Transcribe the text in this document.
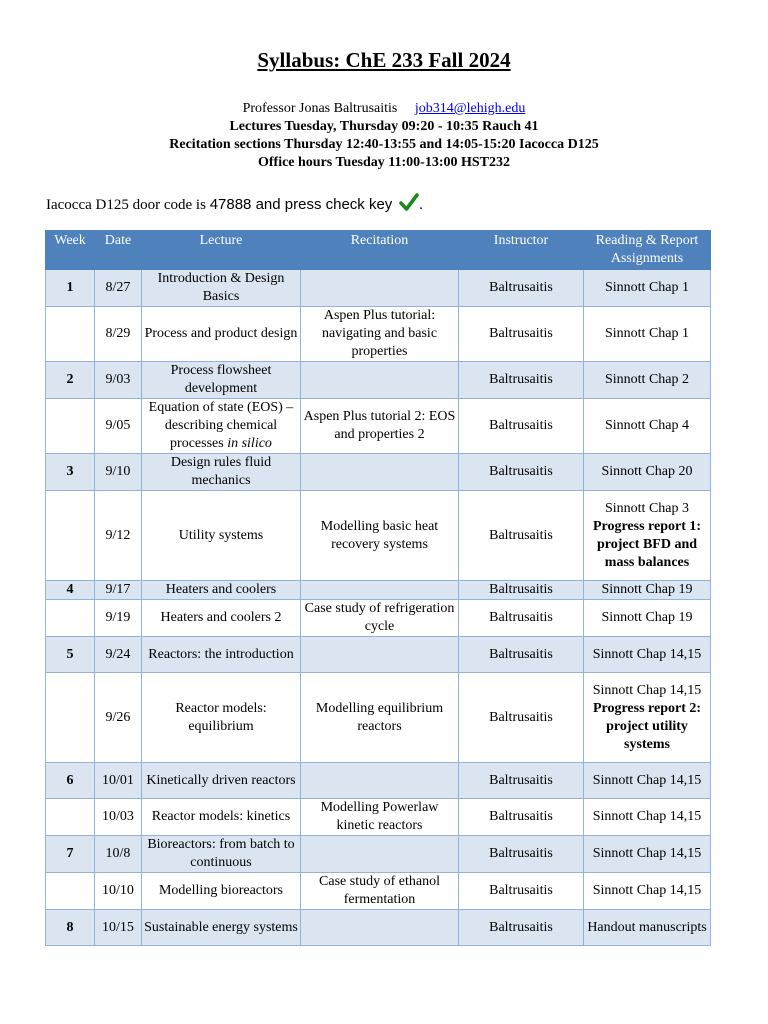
Syllabus: ChE 233 Fall 2024
Professor Jonas Baltrusaitis job314@lehigh.edu
Lectures Tuesday, Thursday 09:20 - 10:35 Rauch 41
Recitation sections Thursday 12:40-13:55 and 14:05-15:20 Iacocca D125
Office hours Tuesday 11:00-13:00 HST232
Iacocca D125 door code is 47888 and press check key .
Week	Date	Lecture	Recitation	Instructor	Reading & Report Assignments
1	8/27	Introduction & Design Basics		Baltrusaitis	Sinnott Chap 1

	8/29	Process and product design	Aspen Plus tutorial: navigating and basic properties	Baltrusaitis	Sinnott Chap 1

2	9/03	Process flowsheet development		Baltrusaitis	Sinnott Chap 2

	9/05	Equation of state (EOS) – describing chemical processes in silico	Aspen Plus tutorial 2: EOS and properties 2	Baltrusaitis	Sinnott Chap 4

3	9/10	Design rules fluid mechanics		Baltrusaitis	Sinnott Chap 20

	9/12	Utility systems	Modelling basic heat recovery systems	Baltrusaitis	Sinnott Chap 3
Progress report 1: project BFD and mass balances

4	9/17	Heaters and coolers		Baltrusaitis	Sinnott Chap 19

	9/19	Heaters and coolers 2	Case study of refrigeration cycle	Baltrusaitis	Sinnott Chap 19

5	9/24	Reactors: the introduction		Baltrusaitis	Sinnott Chap 14,15

	9/26	Reactor models: equilibrium	Modelling equilibrium reactors	Baltrusaitis	Sinnott Chap 14,15
Progress report 2: project utility systems

6	10/01	Kinetically driven reactors		Baltrusaitis	Sinnott Chap 14,15

	10/03	Reactor models: kinetics	Modelling Powerlaw kinetic reactors	Baltrusaitis	Sinnott Chap 14,15

7	10/8	Bioreactors: from batch to continuous		Baltrusaitis	Sinnott Chap 14,15

	10/10	Modelling bioreactors	Case study of ethanol fermentation	Baltrusaitis	Sinnott Chap 14,15

8	10/15	Sustainable energy systems		Baltrusaitis	Handout manuscripts
